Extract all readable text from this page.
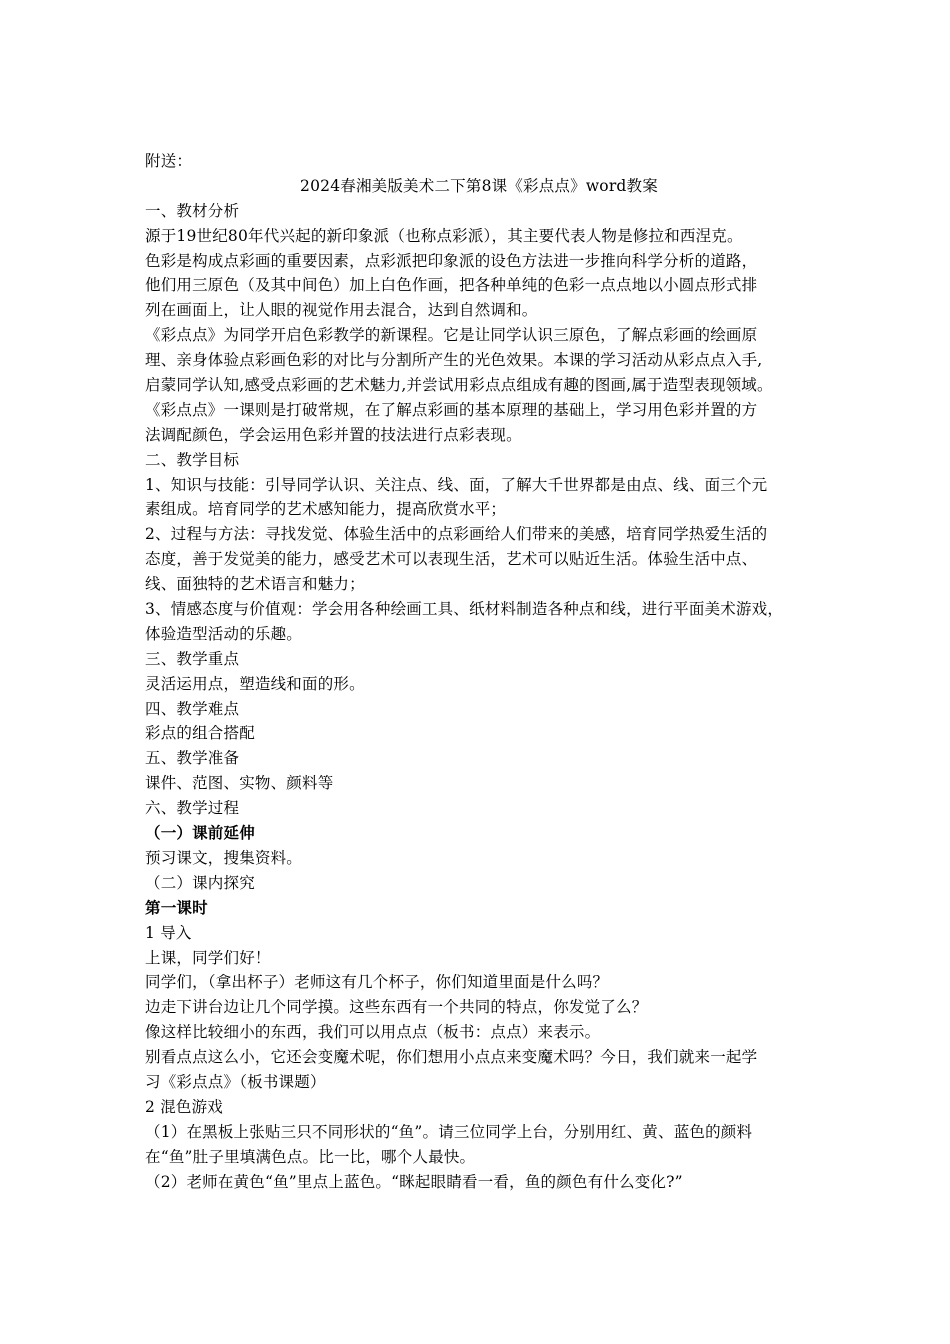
附送：
2024春湘美版美术二下第8课《彩点点》word教案
一、教材分析
源于19世纪80年代兴起的新印象派（也称点彩派），其主要代表人物是修拉和西涅克。
色彩是构成点彩画的重要因素，点彩派把印象派的设色方法进一步推向科学分析的道路，
他们用三原色（及其中间色）加上白色作画，把各种单纯的色彩一点点地以小圆点形式排
列在画面上，让人眼的视觉作用去混合，达到自然调和。
《彩点点》为同学开启色彩教学的新课程。它是让同学认识三原色，了解点彩画的绘画原
理、亲身体验点彩画色彩的对比与分割所产生的光色效果。本课的学习活动从彩点点入手,
启蒙同学认知,感受点彩画的艺术魅力,并尝试用彩点点组成有趣的图画,属于造型表现领域。
《彩点点》一课则是打破常规，在了解点彩画的基本原理的基础上，学习用色彩并置的方
法调配颜色，学会运用色彩并置的技法进行点彩表现。
二、教学目标
1、知识与技能：引导同学认识、关注点、线、面，了解大千世界都是由点、线、面三个元
素组成。培育同学的艺术感知能力，提高欣赏水平；
2、过程与方法：寻找发觉、体验生活中的点彩画给人们带来的美感，培育同学热爱生活的
态度，善于发觉美的能力，感受艺术可以表现生活，艺术可以贴近生活。体验生活中点、
线、面独特的艺术语言和魅力；
3、情感态度与价值观：学会用各种绘画工具、纸材料制造各种点和线，进行平面美术游戏，
体验造型活动的乐趣。
三、教学重点
灵活运用点，塑造线和面的形。
四、教学难点
彩点的组合搭配
五、教学准备
课件、范图、实物、颜料等
六、教学过程
（一）课前延伸
预习课文，搜集资料。
（二）课内探究
第一课时
1 导入
上课，同学们好！
同学们，（拿出杯子）老师这有几个杯子，你们知道里面是什么吗？
边走下讲台边让几个同学摸。这些东西有一个共同的特点，你发觉了么？
像这样比较细小的东西，我们可以用点点（板书：点点）来表示。
别看点点这么小，它还会变魔术呢，你们想用小点点来变魔术吗？今日，我们就来一起学
习《彩点点》（板书课题）
2 混色游戏
（1）在黑板上张贴三只不同形状的“鱼”。请三位同学上台，分别用红、黄、蓝色的颜料
在“鱼”肚子里填满色点。比一比，哪个人最快。
（2）老师在黄色“鱼”里点上蓝色。“眯起眼睛看一看，鱼的颜色有什么变化?”
